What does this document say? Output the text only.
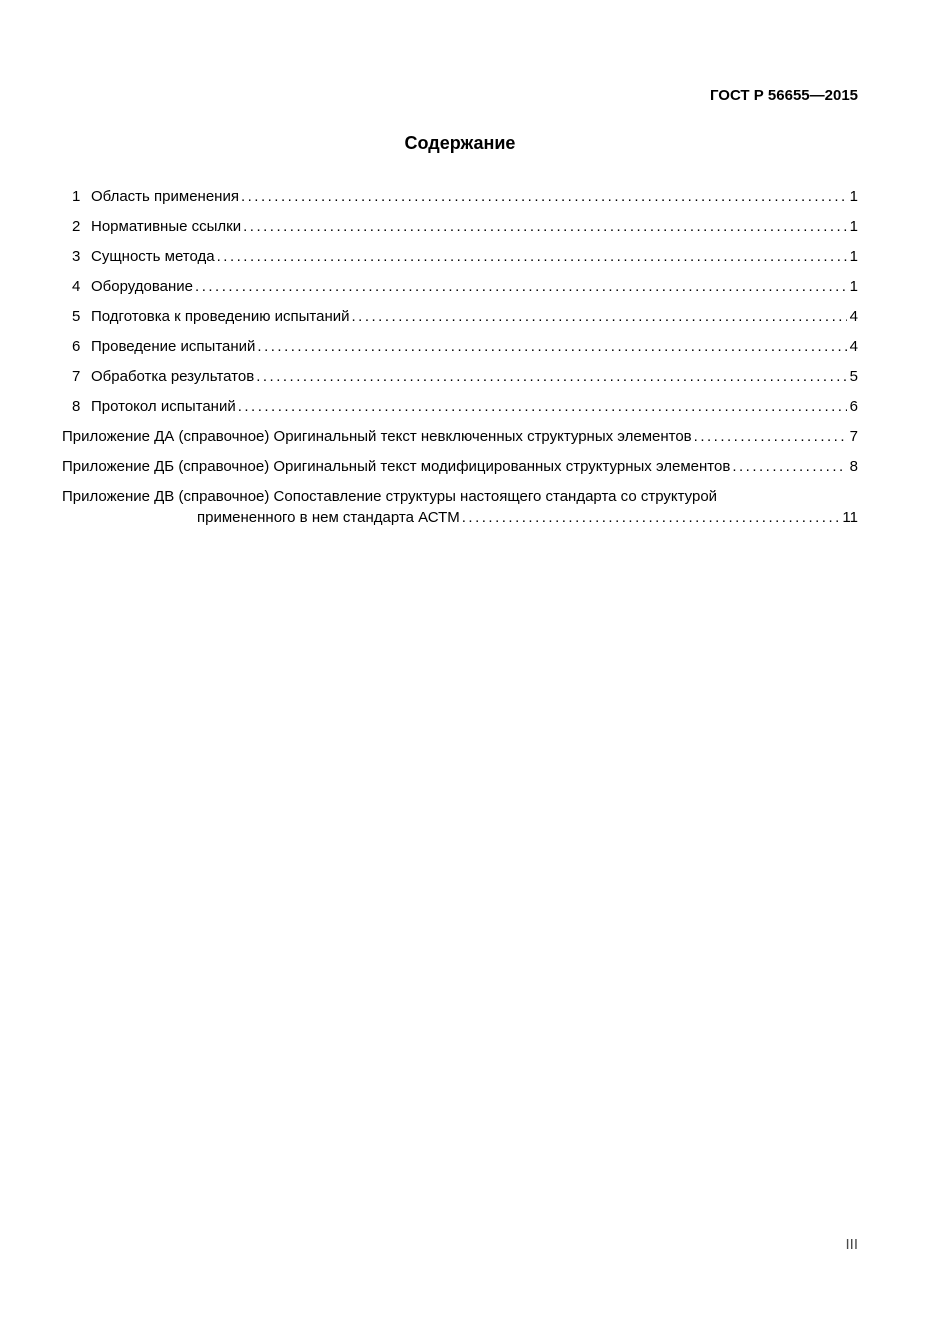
ГОСТ Р 56655—2015
Содержание
1 Область применения .....	1
2 Нормативные ссылки .....	1
3 Сущность метода .....	1
4 Оборудование .....	1
5 Подготовка к проведению испытаний .....	4
6 Проведение испытаний .....	4
7 Обработка результатов .....	5
8 Протокол испытаний .....	6
Приложение ДА (справочное) Оригинальный текст невключенных структурных элементов .....	7
Приложение ДБ (справочное) Оригинальный текст модифицированных структурных элементов .....	8
Приложение ДВ (справочное) Сопоставление структуры настоящего стандарта со структурой
примененного в нем стандарта АСТМ .....	11
III
